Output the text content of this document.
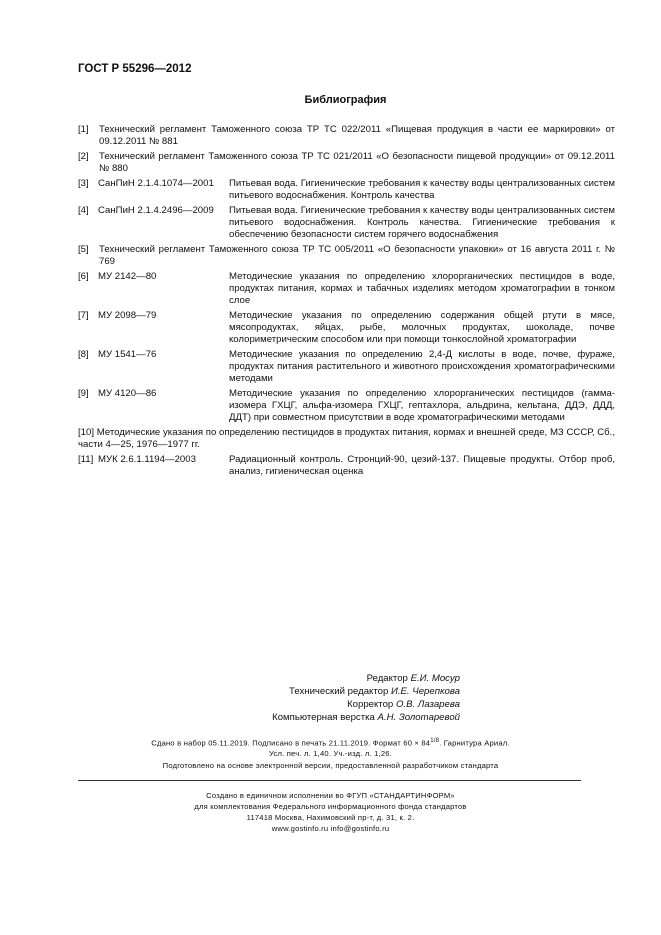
ГОСТ Р 55296—2012
Библиография
[1] Технический регламент Таможенного союза ТР ТС 022/2011 «Пищевая продукция в части ее маркировки» от 09.12.2011 № 881
[2] Технический регламент Таможенного союза ТР ТС 021/2011 «О безопасности пищевой продукции» от 09.12.2011 № 880
[3] СанПиН 2.1.4.1074—2001 Питьевая вода. Гигиенические требования к качеству воды централизованных систем питьевого водоснабжения. Контроль качества
[4] СанПиН 2.1.4.2496—2009 Питьевая вода. Гигиенические требования к качеству воды централизованных систем питьевого водоснабжения. Контроль качества. Гигиенические требования к обеспечению безопасности систем горячего водоснабжения
[5] Технический регламент Таможенного союза ТР ТС 005/2011 «О безопасности упаковки» от 16 августа 2011 г. № 769
[6] МУ 2142—80	Методические указания по определению хлорорганических пестицидов в воде, продуктах питания, кормах и табачных изделиях методом хроматографии в тонком слое
[7] МУ 2098—79	Методические указания по определению содержания общей ртути в мясе, мясопродуктах, яйцах, рыбе, молочных продуктах, шоколаде, почве колориметрическим способом или при помощи тонкослойной хроматографии
[8] МУ 1541—76	Методические указания по определению 2,4-Д кислоты в воде, почве, фураже, продуктах питания растительного и животного происхождения хроматографическими методами
[9] МУ 4120—86	Методические указания по определению хлорорганических пестицидов (гамма-изомера ГХЦГ, альфа-изомера ГХЦГ, гептахлора, альдрина, кельтана, ДДЭ, ДДД, ДДТ) при совместном присутствии в воде хроматографическими методами
[10] Методические указания по определению пестицидов в продуктах питания, кормах и внешней среде, МЗ СССР, Сб., части 4—25, 1976—1977 гг.
[11] МУК 2.6.1.1194—2003	Радиационный контроль. Стронций-90, цезий-137. Пищевые продукты. Отбор проб, анализ, гигиеническая оценка
Редактор Е.И. Мосур
Технический редактор И.Е. Черепкова
Корректор О.В. Лазарева
Компьютерная верстка А.Н. Золотаревой
Сдано в набор 05.11.2019. Подписано в печать 21.11.2019. Формат $60 \times 84^{1/8}$. Гарнитура Ариал.
Усл. печ. л. 1,40. Уч.-изд. л. 1,26.
Подготовлено на основе электронной версии, предоставленной разработчиком стандарта
Создано в единичном исполнении во ФГУП «СТАНДАРТИНФОРМ»
для комплектования Федерального информационного фонда стандартов
117418 Москва, Нахимовский пр-т, д. 31, к. 2.
www.gostinfo.ru info@gostinfo.ru
